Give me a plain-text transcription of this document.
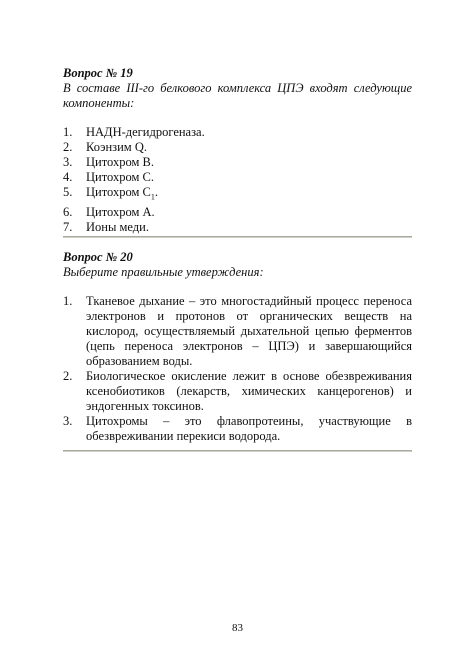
Вопрос № 19

В составе III-го белкового комплекса ЦПЭ входят следующие компоненты:

1. НАДН-дегидрогеназа.
2. Коэнзим Q.
3. Цитохром B.
4. Цитохром C.
5. Цитохром $C_1$.
6. Цитохром A.
7. Ионы меди.

Вопрос № 20

Выберите правильные утверждения:

1. Тканевое дыхание – это многостадийный процесс переноса электронов и протонов от органических веществ на кислород, осуществляемый дыхательной цепью ферментов (цепь переноса электронов – ЦПЭ) и завершающийся образованием воды.
2. Биологическое окисление лежит в основе обезвреживания ксенобиотиков (лекарств, химических канцерогенов) и эндогенных токсинов.
3. Цитохромы – это флавопротеины, участвующие в обезвреживании перекиси водорода.
83
